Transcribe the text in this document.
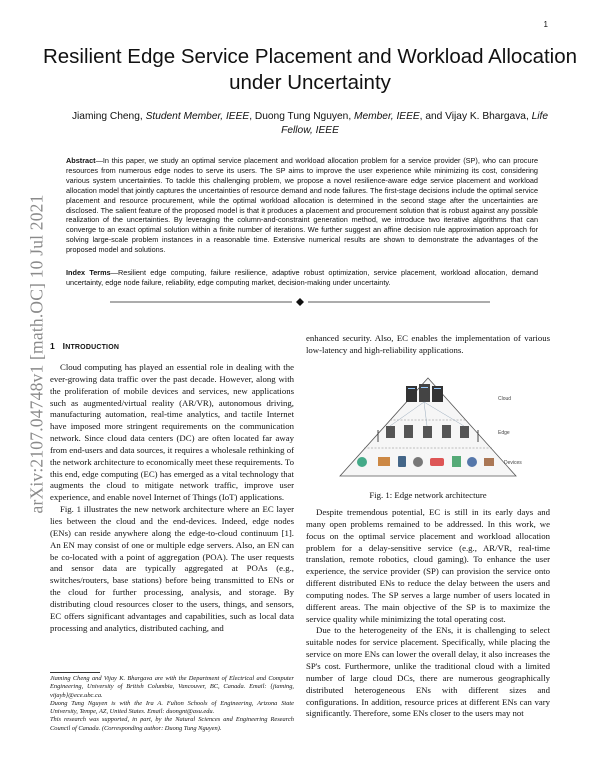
1
arXiv:2107.04748v1 [math.OC] 10 Jul 2021
Resilient Edge Service Placement and Workload Allocation under Uncertainty
Jiaming Cheng, Student Member, IEEE, Duong Tung Nguyen, Member, IEEE, and Vijay K. Bhargava, Life Fellow, IEEE
Abstract—In this paper, we study an optimal service placement and workload allocation problem for a service provider (SP), who can procure resources from numerous edge nodes to serve its users. The SP aims to improve the user experience while minimizing its cost, considering various system uncertainties. To tackle this challenging problem, we propose a novel resilience-aware edge service placement and workload allocation model that jointly captures the uncertainties of resource demand and node failures. The first-stage decisions include the optimal service placement and resource procurement, while the optimal workload allocation is determined in the second stage after the uncertainties are disclosed. The salient feature of the proposed model is that it produces a placement and procurement solution that is robust against any possible realization of the uncertainties. By leveraging the column-and-constraint generation method, we introduce two iterative algorithms that can converge to an exact optimal solution within a finite number of iterations. We further suggest an affine decision rule approximation approach for solving large-scale problem instances in a reasonable time. Extensive numerical results are shown to demonstrate the advantages of the proposed model and solutions.
Index Terms—Resilient edge computing, failure resilience, adaptive robust optimization, service placement, workload allocation, demand uncertainty, edge node failure, reliability, edge computing market, decision-making under uncertainty.
1 INTRODUCTION

Cloud computing has played an essential role in dealing with the ever-growing data traffic over the past decade. However, along with the proliferation of mobile devices and services, new applications such as augmented/virtual reality (AR/VR), autonomous driving, manufacturing automation, real-time analytics, and tactile Internet have imposed more stringent requirements on the communication network. Since cloud data centers (DC) are often located far away from end-users and data sources, it requires a wholesale rethinking of the network architecture to economically meet these requirements. To this end, edge computing (EC) has emerged as a vital technology that augments the cloud to mitigate network traffic, improve user experience, and enable novel Internet of Things (IoT) applications.

Fig. 1 illustrates the new network architecture where an EC layer lies between the cloud and the end-devices. Indeed, edge nodes (ENs) can reside anywhere along the edge-to-cloud continuum [1]. An EN may consist of one or multiple edge servers. Also, an EN can be co-located with a point of aggregation (POA). The user requests and sensor data are typically aggregated at POAs (e.g., switches/routers, base stations) before being transmitted to ENs or the cloud for further processing, analysis, and storage. By distributing cloud resources closer to the users, things, and sensors, EC offers significant advantages and capabilities, such as local data processing and analytics, distributed caching, and

enhanced security. Also, EC enables the implementation of various low-latency and high-reliability applications.

Cloud
Edge
Devices
Fig. 1: Edge network architecture

Despite tremendous potential, EC is still in its early days and many open problems remained to be addressed. In this work, we focus on the optimal service placement and workload allocation problem for a delay-sensitive service (e.g., AR/VR, real-time translation, remote robotics, cloud gaming). To enhance the user experience, the service provider (SP) can provision the service onto different distributed ENs to reduce the delay between the users and computing nodes. The SP serves a large number of users located in different areas. The main objective of the SP is to maximize the service quality while minimizing the total operating cost.

Due to the heterogeneity of the ENs, it is challenging to select suitable nodes for service placement. Specifically, while placing the service on more ENs can lower the overall delay, it also increases the SP's cost. Furthermore, unlike the traditional cloud with a limited number of large cloud DCs, there are numerous geographically distributed heterogeneous ENs with different sizes and configurations. In addition, resource prices at different ENs can vary significantly. Therefore, some ENs closer to the users may not

Jiaming Cheng and Vijay K. Bhargava are with the Department of Electrical and Computer Engineering, University of British Columbia, Vancouver, BC, Canada. Email: {jiaming, vijayb}@ece.ubc.ca.

Duong Tung Nguyen is with the Ira A. Fulton Schools of Engineering, Arizona State University, Tempe, AZ, United States. Email: duongnt@asu.edu.

This research was supported, in part, by the Natural Sciences and Engineering Research Council of Canada. (Corresponding author: Duong Tung Nguyen).
